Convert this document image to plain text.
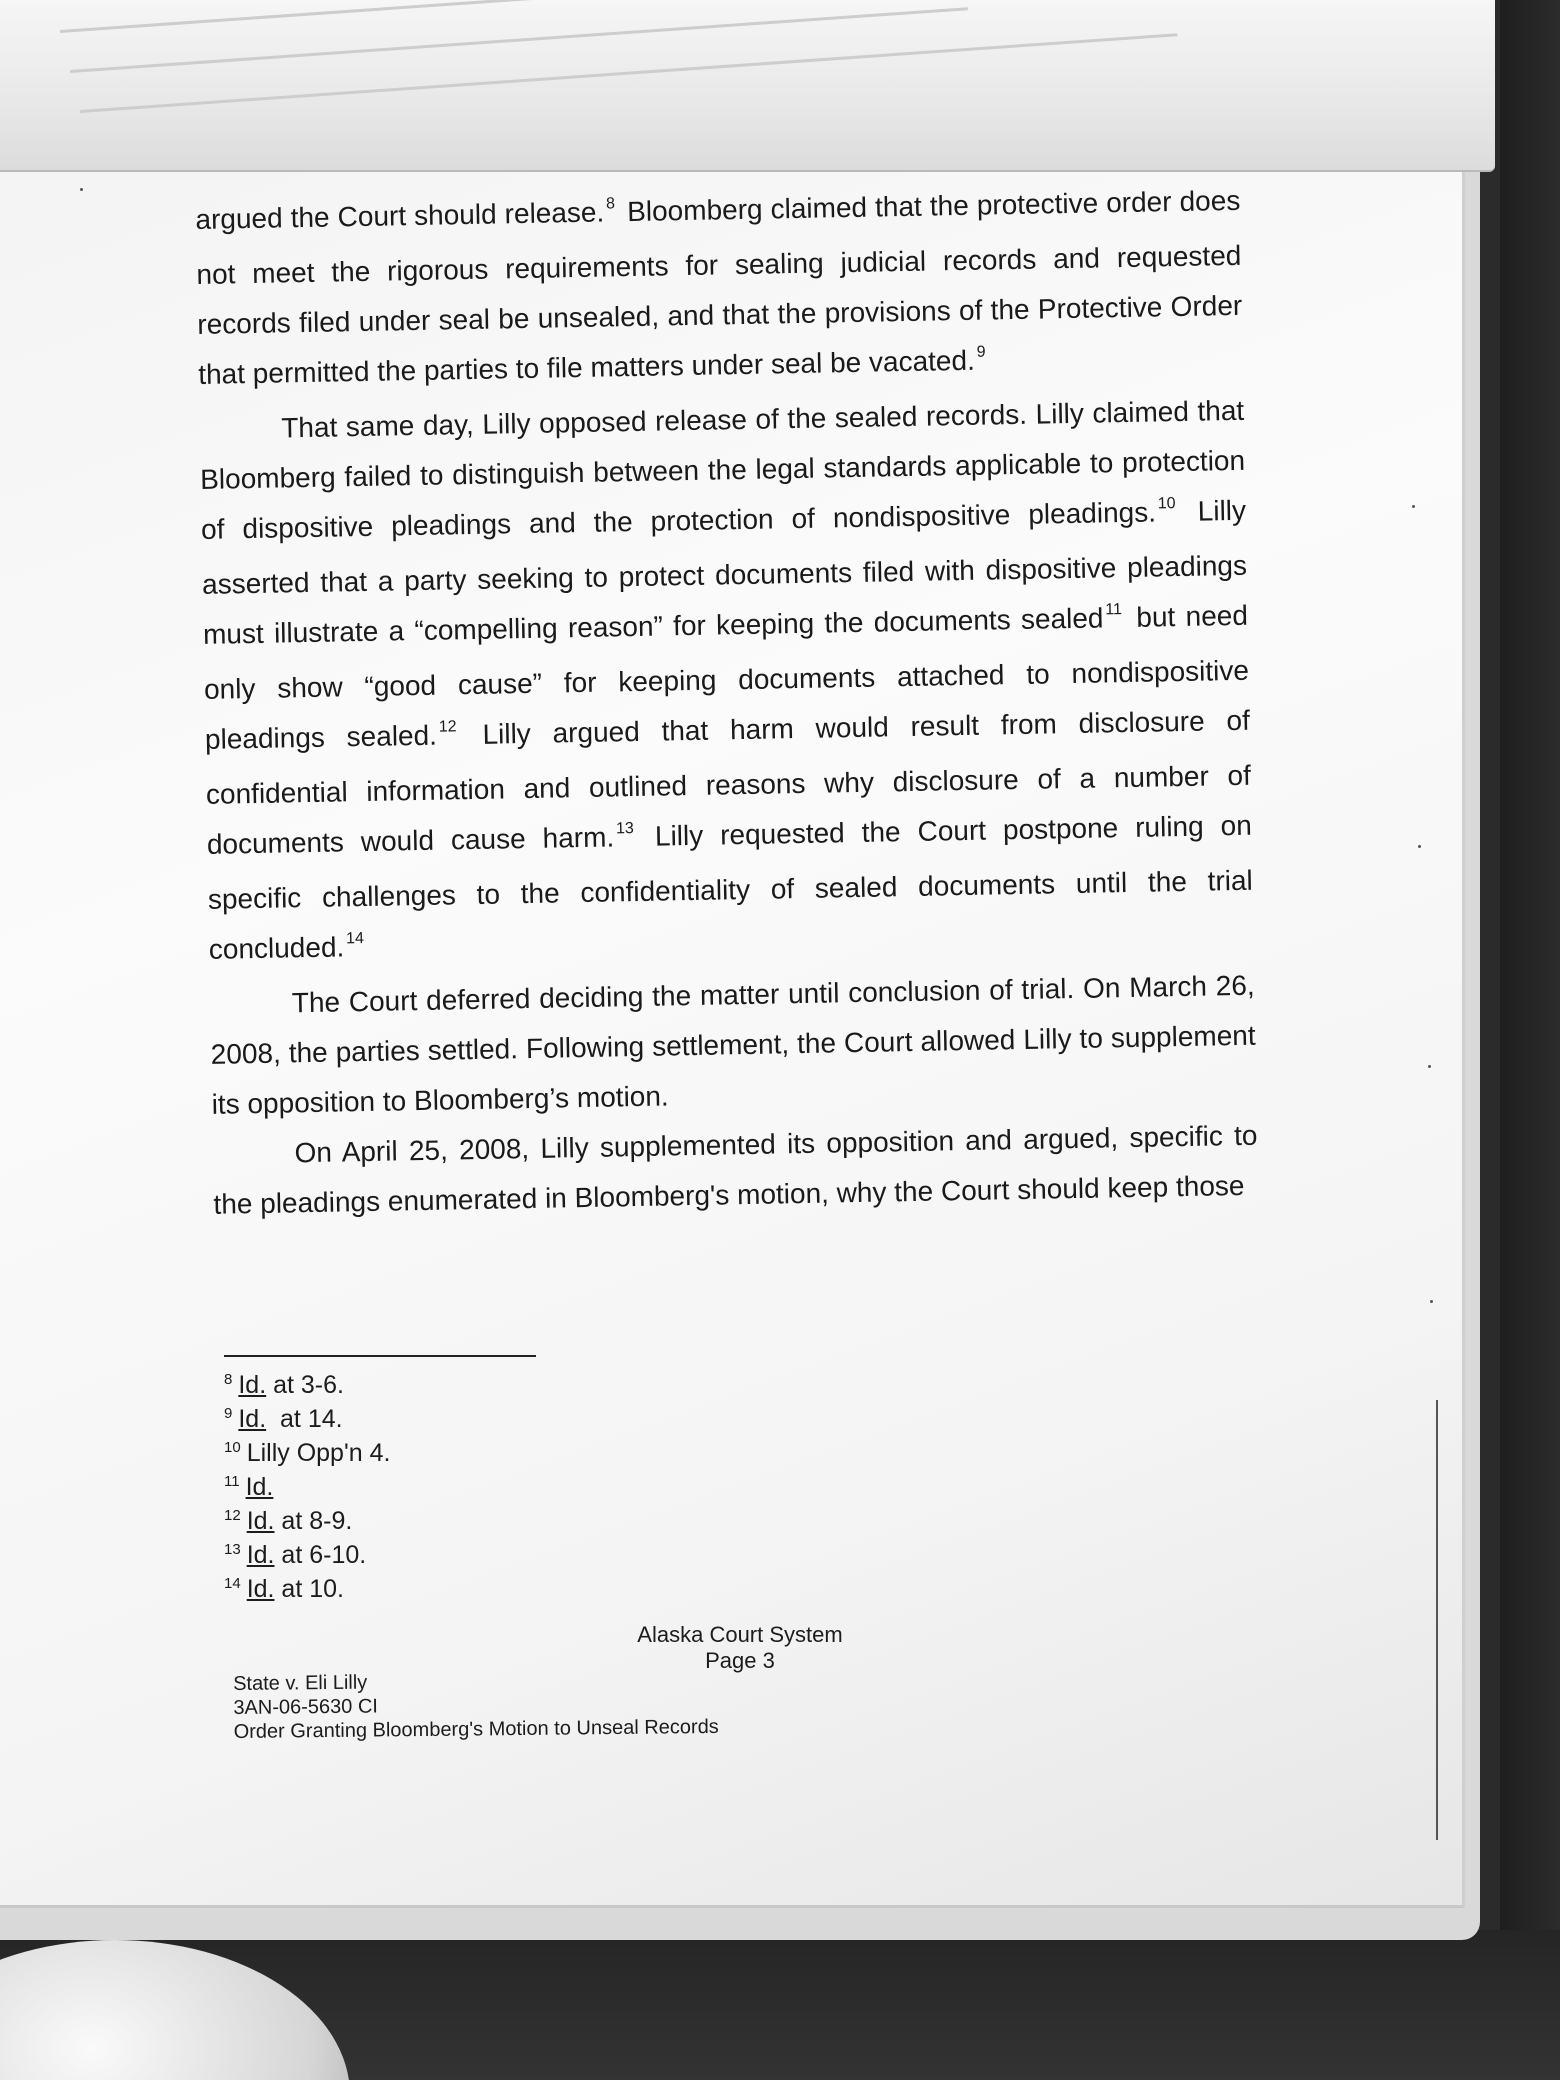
argued the Court should release.$^8$ Bloomberg claimed that the protective order does not meet the rigorous requirements for sealing judicial records and requested records filed under seal be unsealed, and that the provisions of the Protective Order that permitted the parties to file matters under seal be vacated.$^9$

That same day, Lilly opposed release of the sealed records. Lilly claimed that Bloomberg failed to distinguish between the legal standards applicable to protection of dispositive pleadings and the protection of nondispositive pleadings.$^{10}$ Lilly asserted that a party seeking to protect documents filed with dispositive pleadings must illustrate a “compelling reason” for keeping the documents sealed$^{11}$ but need only show “good cause” for keeping documents attached to nondispositive pleadings sealed.$^{12}$ Lilly argued that harm would result from disclosure of confidential information and outlined reasons why disclosure of a number of documents would cause harm.$^{13}$ Lilly requested the Court postpone ruling on specific challenges to the confidentiality of sealed documents until the trial concluded.$^{14}$

The Court deferred deciding the matter until conclusion of trial. On March 26, 2008, the parties settled. Following settlement, the Court allowed Lilly to supplement its opposition to Bloomberg’s motion.

On April 25, 2008, Lilly supplemented its opposition and argued, specific to the pleadings enumerated in Bloomberg's motion, why the Court should keep those

$^8$ Id. at 3-6.
$^9$ Id.  at 14.
$^{10}$ Lilly Opp'n 4.
$^{11}$ Id.
$^{12}$ Id. at 8-9.
$^{13}$ Id. at 6-10.
$^{14}$ Id. at 10.
Alaska Court System
Page 3
State v. Eli Lilly
3AN-06-5630 CI
Order Granting Bloomberg's Motion to Unseal Records
